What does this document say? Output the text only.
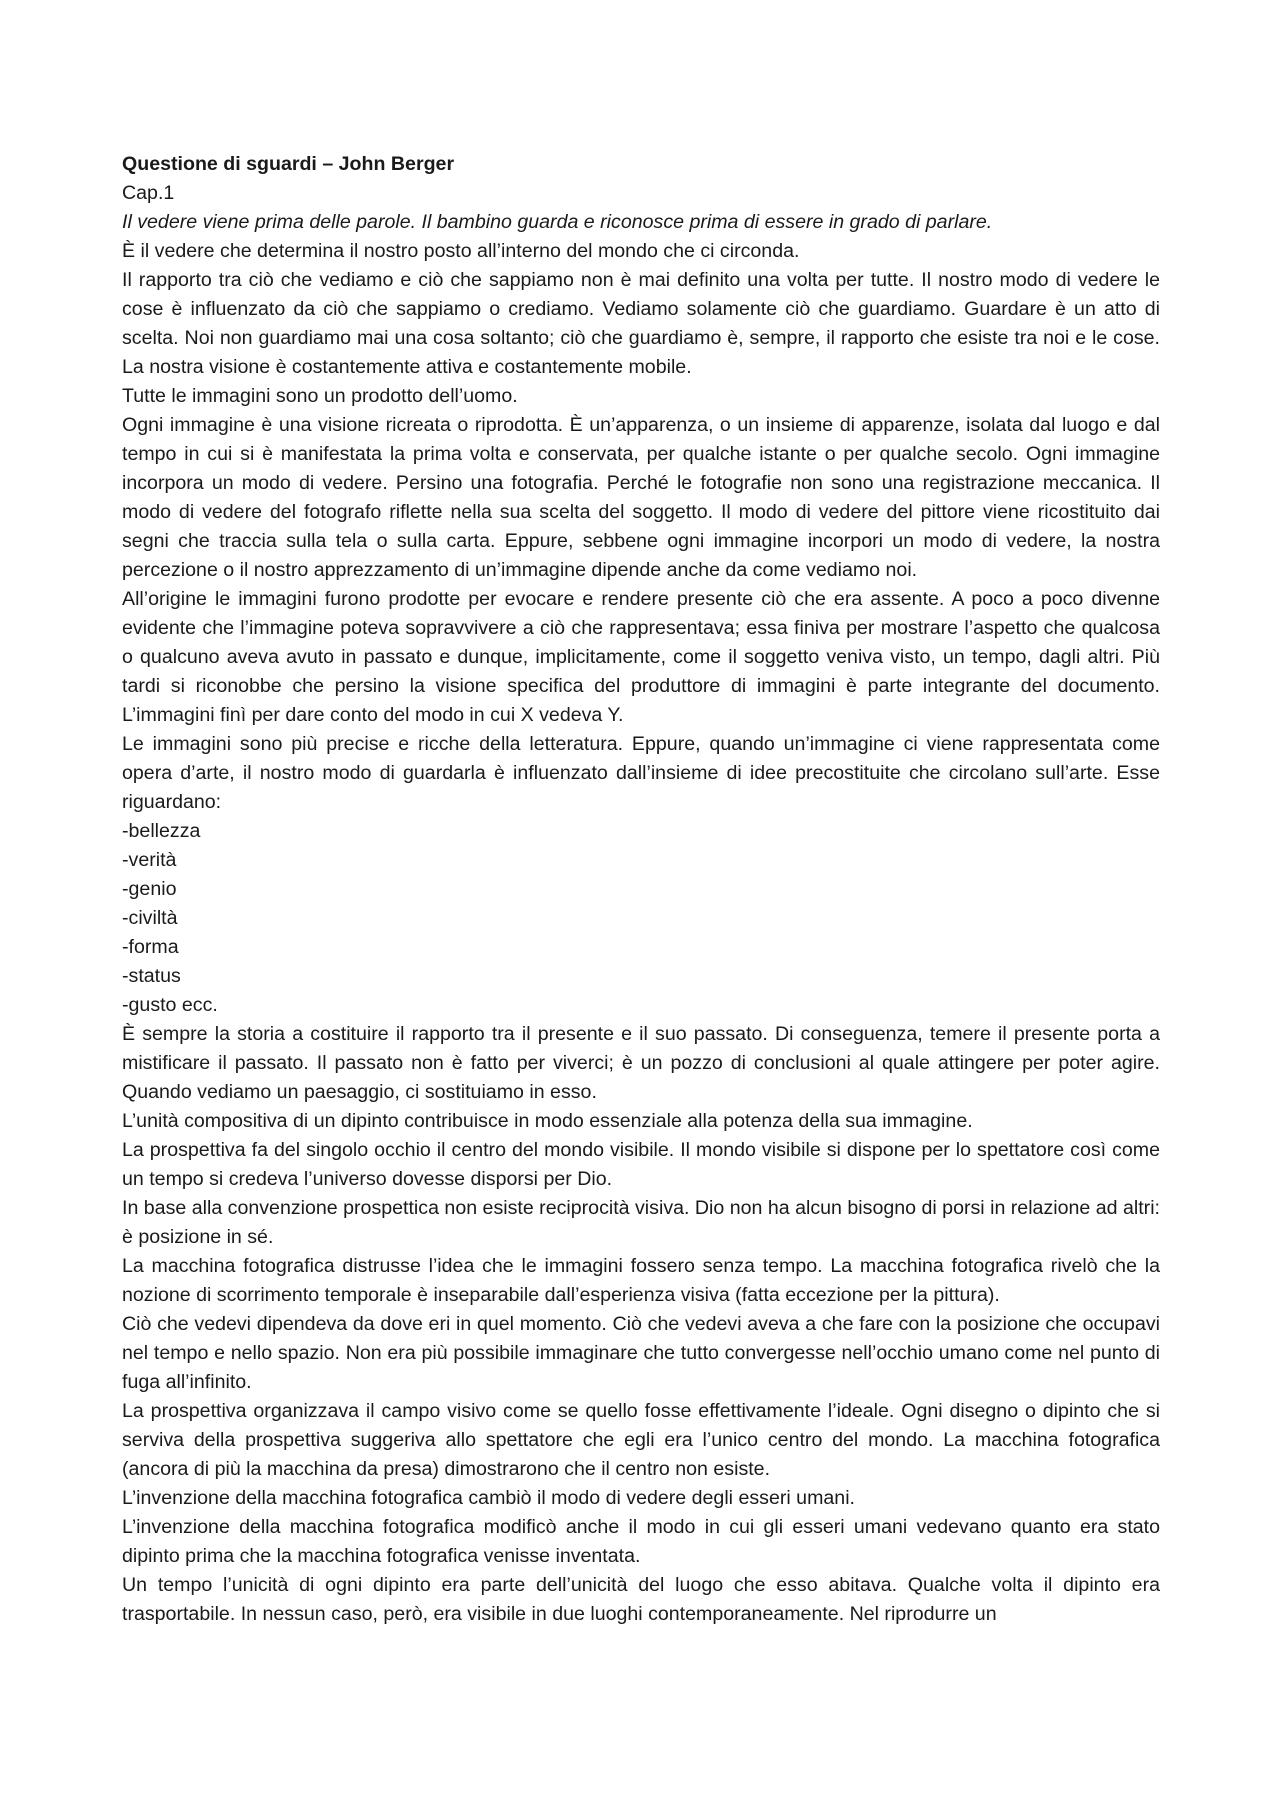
Questione di sguardi – John Berger

Cap.1

Il vedere viene prima delle parole. Il bambino guarda e riconosce prima di essere in grado di parlare.

È il vedere che determina il nostro posto all’interno del mondo che ci circonda.

Il rapporto tra ciò che vediamo e ciò che sappiamo non è mai definito una volta per tutte. Il nostro modo di vedere le cose è influenzato da ciò che sappiamo o crediamo. Vediamo solamente ciò che guardiamo. Guardare è un atto di scelta. Noi non guardiamo mai una cosa soltanto; ciò che guardiamo è, sempre, il rapporto che esiste tra noi e le cose. La nostra visione è costantemente attiva e costantemente mobile.

Tutte le immagini sono un prodotto dell’uomo.

Ogni immagine è una visione ricreata o riprodotta. È un’apparenza, o un insieme di apparenze, isolata dal luogo e dal tempo in cui si è manifestata la prima volta e conservata, per qualche istante o per qualche secolo. Ogni immagine incorpora un modo di vedere. Persino una fotografia. Perché le fotografie non sono una registrazione meccanica. Il modo di vedere del fotografo riflette nella sua scelta del soggetto. Il modo di vedere del pittore viene ricostituito dai segni che traccia sulla tela o sulla carta. Eppure, sebbene ogni immagine incorpori un modo di vedere, la nostra percezione o il nostro apprezzamento di un’immagine dipende anche da come vediamo noi.

All’origine le immagini furono prodotte per evocare e rendere presente ciò che era assente. A poco a poco divenne evidente che l’immagine poteva sopravvivere a ciò che rappresentava; essa finiva per mostrare l’aspetto che qualcosa o qualcuno aveva avuto in passato e dunque, implicitamente, come il soggetto veniva visto, un tempo, dagli altri. Più tardi si riconobbe che persino la visione specifica del produttore di immagini è parte integrante del documento. L’immagini finì per dare conto del modo in cui X vedeva Y.

Le immagini sono più precise e ricche della letteratura. Eppure, quando un’immagine ci viene rappresentata come opera d’arte, il nostro modo di guardarla è influenzato dall’insieme di idee precostituite che circolano sull’arte. Esse riguardano:

-bellezza
-verità
-genio
-civiltà
-forma
-status
-gusto ecc.

È sempre la storia a costituire il rapporto tra il presente e il suo passato. Di conseguenza, temere il presente porta a mistificare il passato. Il passato non è fatto per viverci; è un pozzo di conclusioni al quale attingere per poter agire. Quando vediamo un paesaggio, ci sostituiamo in esso.

L’unità compositiva di un dipinto contribuisce in modo essenziale alla potenza della sua immagine.

La prospettiva fa del singolo occhio il centro del mondo visibile. Il mondo visibile si dispone per lo spettatore così come un tempo si credeva l’universo dovesse disporsi per Dio.

In base alla convenzione prospettica non esiste reciprocità visiva. Dio non ha alcun bisogno di porsi in relazione ad altri: è posizione in sé.

La macchina fotografica distrusse l’idea che le immagini fossero senza tempo. La macchina fotografica rivelò che la nozione di scorrimento temporale è inseparabile dall’esperienza visiva (fatta eccezione per la pittura).

Ciò che vedevi dipendeva da dove eri in quel momento. Ciò che vedevi aveva a che fare con la posizione che occupavi nel tempo e nello spazio. Non era più possibile immaginare che tutto convergesse nell’occhio umano come nel punto di fuga all’infinito.

La prospettiva organizzava il campo visivo come se quello fosse effettivamente l’ideale. Ogni disegno o dipinto che si serviva della prospettiva suggeriva allo spettatore che egli era l’unico centro del mondo. La macchina fotografica (ancora di più la macchina da presa) dimostrarono che il centro non esiste.

L’invenzione della macchina fotografica cambiò il modo di vedere degli esseri umani.

L’invenzione della macchina fotografica modificò anche il modo in cui gli esseri umani vedevano quanto era stato dipinto prima che la macchina fotografica venisse inventata.

Un tempo l’unicità di ogni dipinto era parte dell’unicità del luogo che esso abitava. Qualche volta il dipinto era trasportabile. In nessun caso, però, era visibile in due luoghi contemporaneamente. Nel riprodurre un
